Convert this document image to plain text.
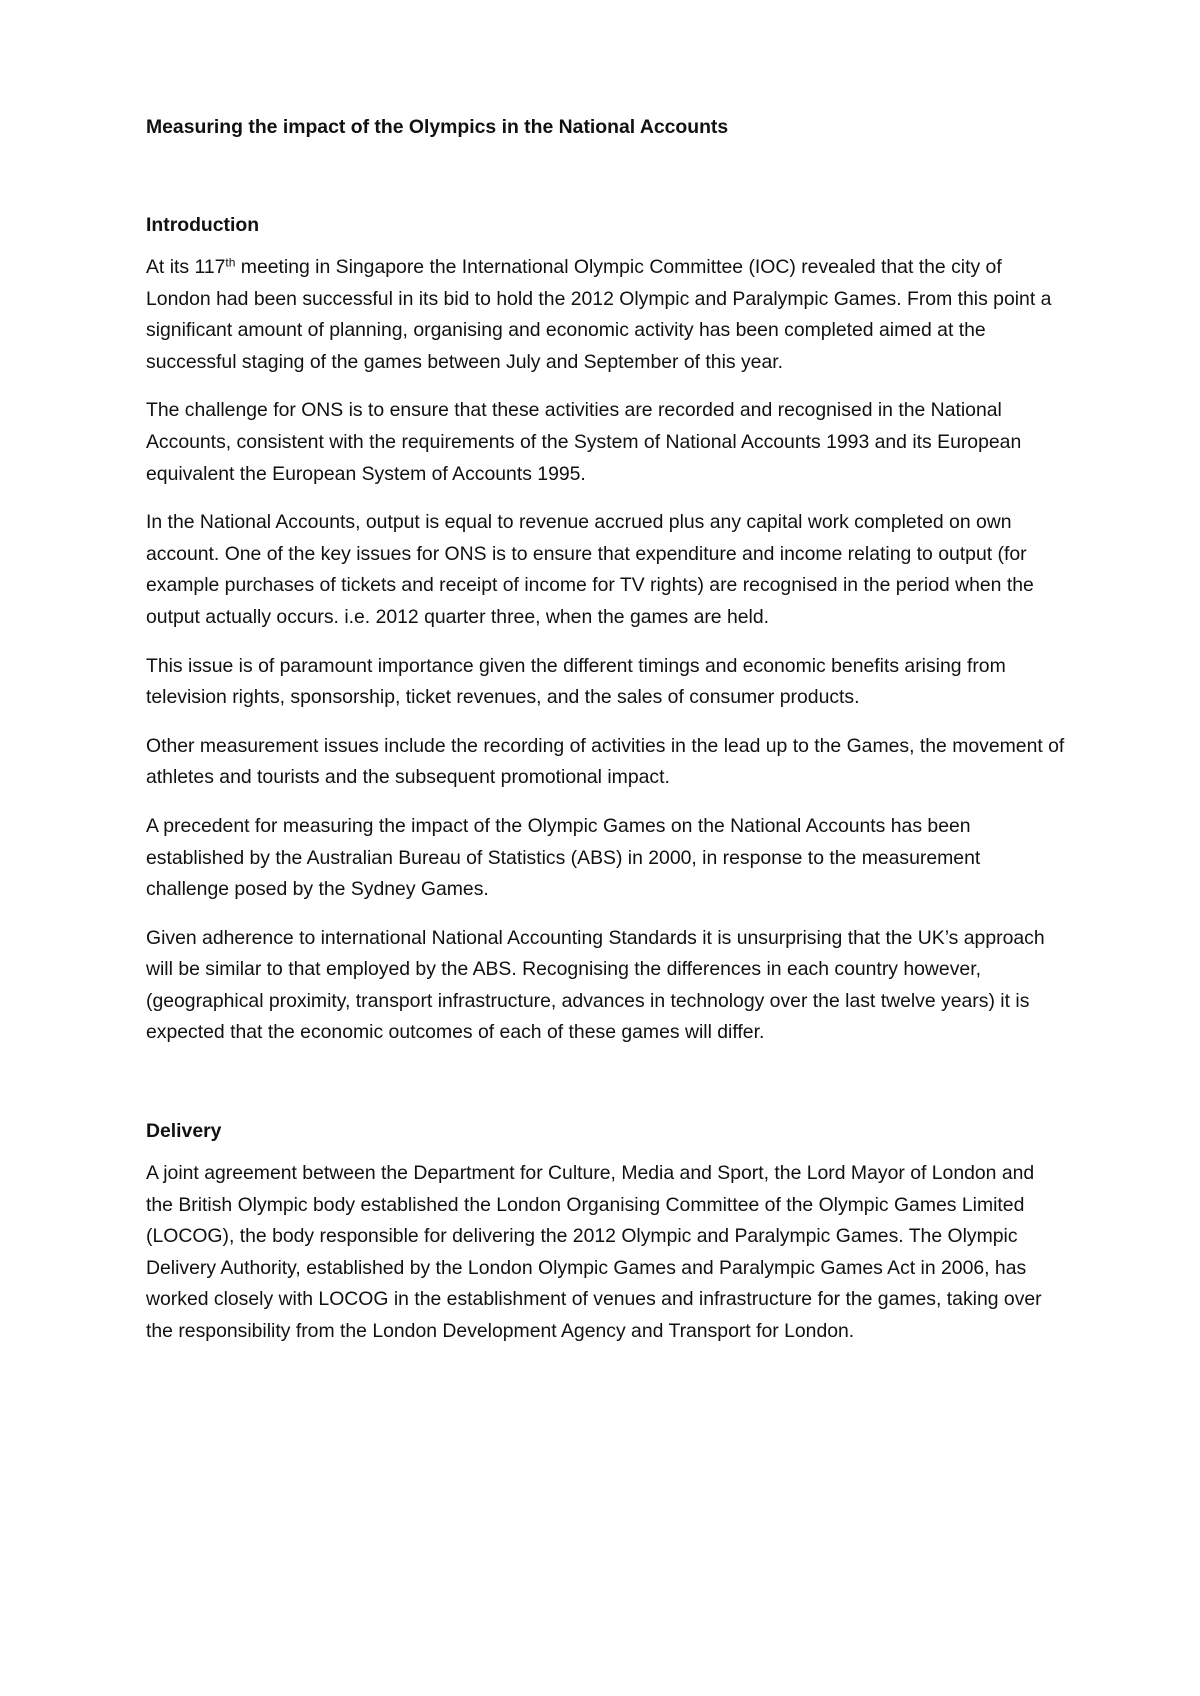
Measuring the impact of the Olympics in the National Accounts
Introduction

At its 117th meeting in Singapore the International Olympic Committee (IOC) revealed that the city of London had been successful in its bid to hold the 2012 Olympic and Paralympic Games. From this point a significant amount of planning, organising and economic activity has been completed aimed at the successful staging of the games between July and September of this year.

The challenge for ONS is to ensure that these activities are recorded and recognised in the National Accounts, consistent with the requirements of the System of National Accounts 1993 and its European equivalent the European System of Accounts 1995.

In the National Accounts, output is equal to revenue accrued plus any capital work completed on own account. One of the key issues for ONS is to ensure that expenditure and income relating to output (for example purchases of tickets and receipt of income for TV rights) are recognised in the period when the output actually occurs. i.e. 2012 quarter three, when the games are held.

This issue is of paramount importance given the different timings and economic benefits arising from television rights, sponsorship, ticket revenues, and the sales of consumer products.

Other measurement issues include the recording of activities in the lead up to the Games, the movement of athletes and tourists and the subsequent promotional impact.

A precedent for measuring the impact of the Olympic Games on the National Accounts has been established by the Australian Bureau of Statistics (ABS) in 2000, in response to the measurement challenge posed by the Sydney Games.

Given adherence to international National Accounting Standards it is unsurprising that the UK’s approach will be similar to that employed by the ABS. Recognising the differences in each country however, (geographical proximity, transport infrastructure, advances in technology over the last twelve years) it is expected that the economic outcomes of each of these games will differ.

Delivery

A joint agreement between the Department for Culture, Media and Sport, the Lord Mayor of London and the British Olympic body established the London Organising Committee of the Olympic Games Limited (LOCOG), the body responsible for delivering the 2012 Olympic and Paralympic Games. The Olympic Delivery Authority, established by the London Olympic Games and Paralympic Games Act in 2006, has worked closely with LOCOG in the establishment of venues and infrastructure for the games, taking over the responsibility from the London Development Agency and Transport for London.
